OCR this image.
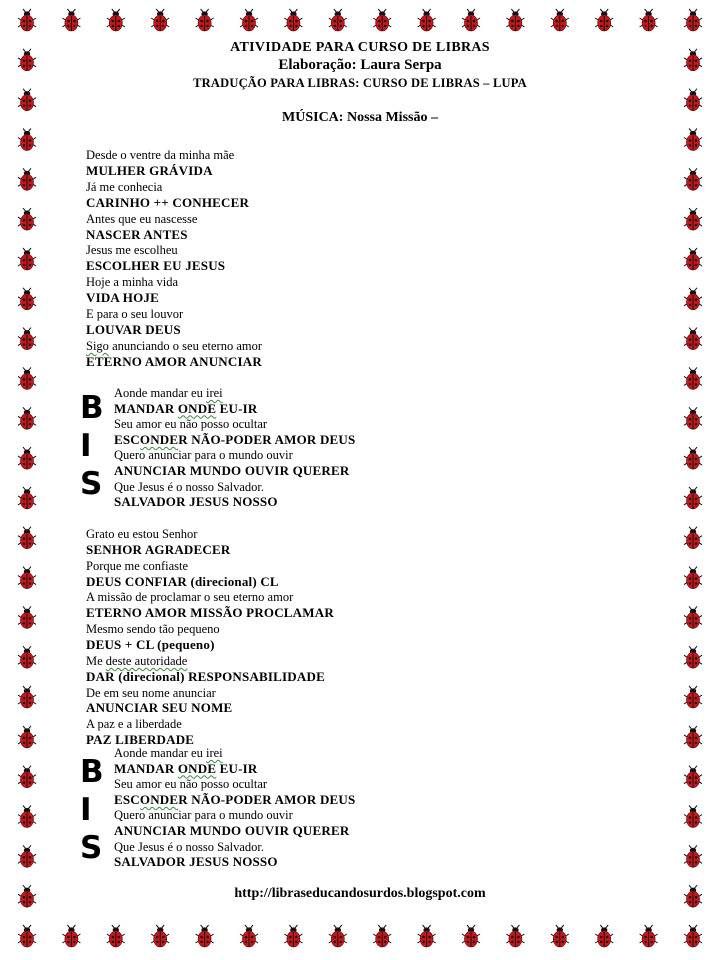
ATIVIDADE PARA CURSO DE LIBRAS
Elaboração: Laura Serpa
TRADUÇÃO PARA LIBRAS: CURSO DE LIBRAS – LUPA
MÚSICA: Nossa Missão –
Desde o ventre da minha mãe
MULHER GRÁVIDA
Já me conhecia
CARINHO ++ CONHECER
Antes que eu nascesse
NASCER ANTES
Jesus me escolheu
ESCOLHER EU JESUS
Hoje a minha vida
VIDA HOJE
E para o seu louvor
LOUVAR DEUS
Sigo anunciando o seu eterno amor
ETERNO AMOR ANUNCIAR
Aonde mandar eu irei
MANDAR ONDE EU-IR
Seu amor eu não posso ocultar
ESCONDER NÃO-PODER AMOR DEUS
Quero anunciar para o mundo ouvir
ANUNCIAR MUNDO OUVIR QUERER
Que Jesus é o nosso Salvador.
SALVADOR JESUS NOSSO
Grato eu estou Senhor
SENHOR AGRADECER
Porque me confiaste
DEUS CONFIAR (direcional) CL
A missão de proclamar o seu eterno amor
ETERNO AMOR MISSÃO PROCLAMAR
Mesmo sendo tão pequeno
DEUS + CL (pequeno)
Me deste autoridade
DAR (direcional) RESPONSABILIDADE
De em seu nome anunciar
ANUNCIAR SEU NOME
A paz e a liberdade
PAZ LIBERDADE
Aonde mandar eu irei
MANDAR ONDE EU-IR
Seu amor eu não posso ocultar
ESCONDER NÃO-PODER AMOR DEUS
Quero anunciar para o mundo ouvir
ANUNCIAR MUNDO OUVIR QUERER
Que Jesus é o nosso Salvador.
SALVADOR JESUS NOSSO
B
I
S
B
I
S
http://libraseducandosurdos.blogspot.com
